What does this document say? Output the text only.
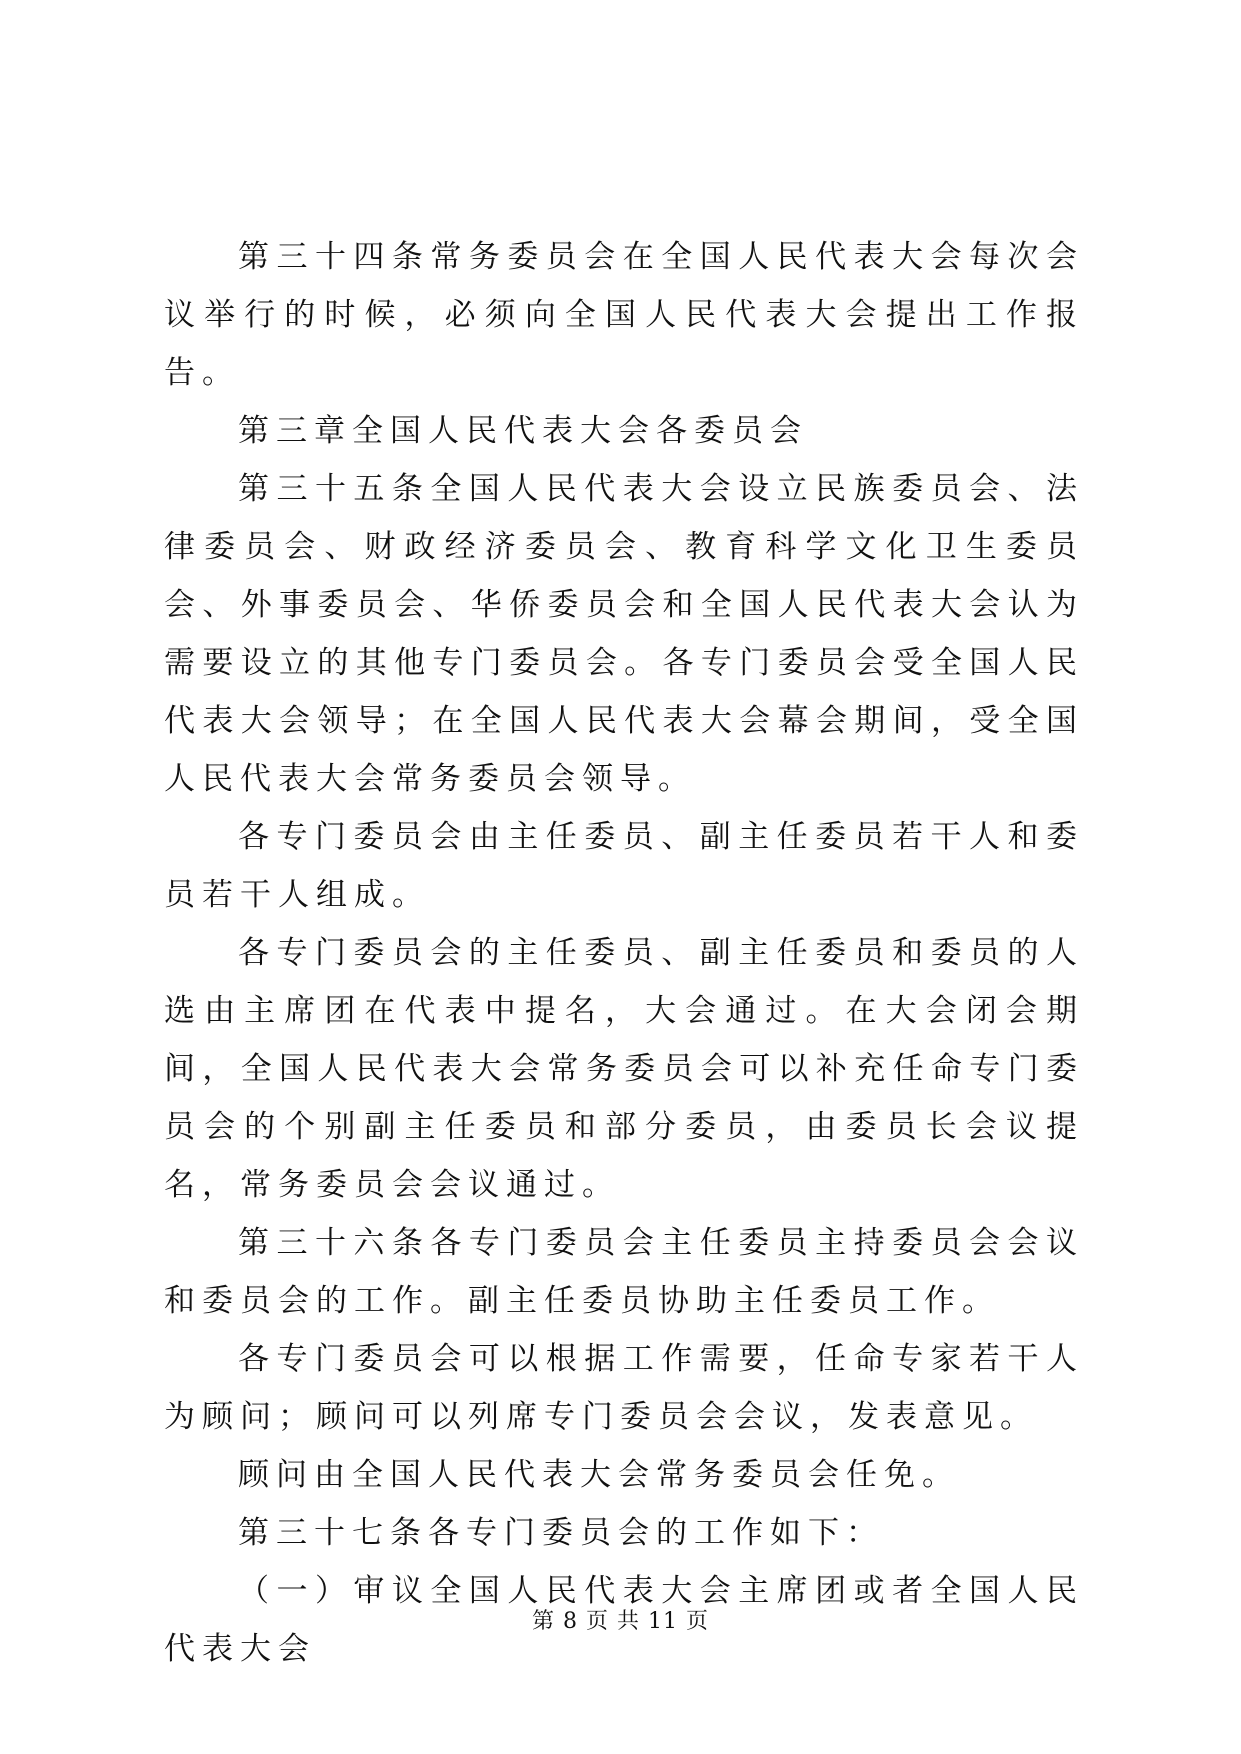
第三十四条常务委员会在全国人民代表大会每次会议举行的时候，必须向全国人民代表大会提出工作报告。

第三章全国人民代表大会各委员会

第三十五条全国人民代表大会设立民族委员会、法律委员会、财政经济委员会、教育科学文化卫生委员会、外事委员会、华侨委员会和全国人民代表大会认为需要设立的其他专门委员会。各专门委员会受全国人民代表大会领导；在全国人民代表大会幕会期间，受全国人民代表大会常务委员会领导。

各专门委员会由主任委员、副主任委员若干人和委员若干人组成。

各专门委员会的主任委员、副主任委员和委员的人选由主席团在代表中提名，大会通过。在大会闭会期间，全国人民代表大会常务委员会可以补充任命专门委员会的个别副主任委员和部分委员，由委员长会议提名，常务委员会会议通过。

第三十六条各专门委员会主任委员主持委员会会议和委员会的工作。副主任委员协助主任委员工作。

各专门委员会可以根据工作需要，任命专家若干人为顾问；顾问可以列席专门委员会会议，发表意见。

顾问由全国人民代表大会常务委员会任免。

第三十七条各专门委员会的工作如下：

（一）审议全国人民代表大会主席团或者全国人民代表大会

第 8 页 共 11 页
